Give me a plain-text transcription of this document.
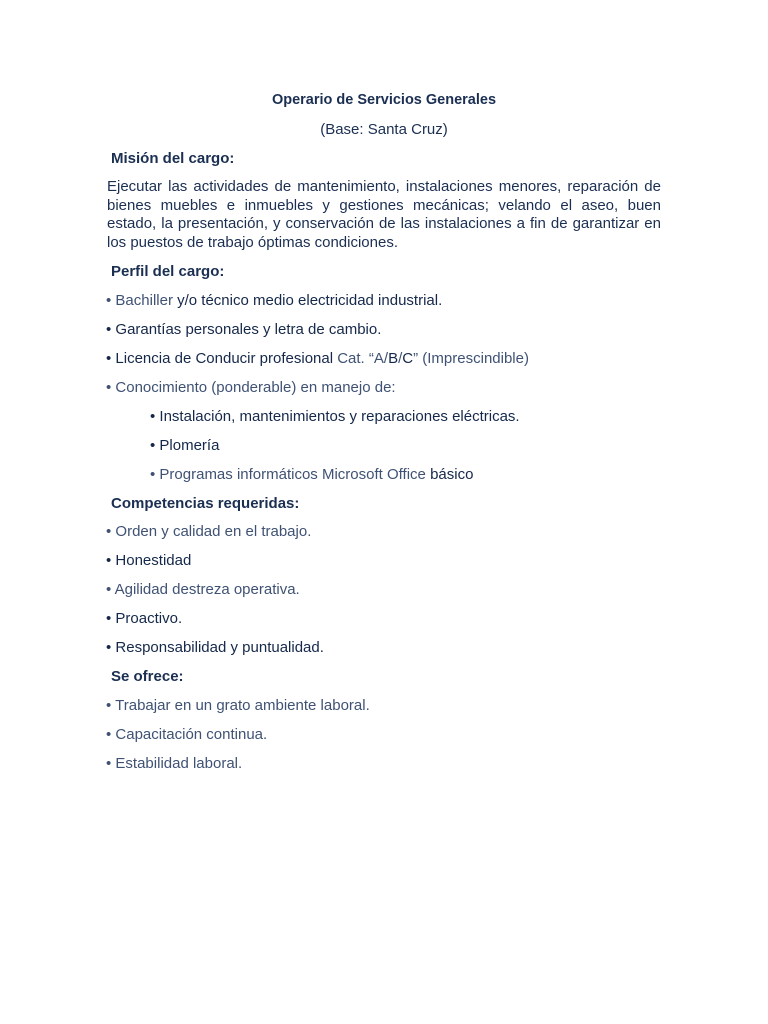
Operario de Servicios Generales
(Base: Santa Cruz)
Misión del cargo:
Ejecutar las actividades de mantenimiento, instalaciones menores, reparación de bienes muebles e inmuebles y gestiones mecánicas; velando el aseo, buen estado, la presentación, y conservación de las instalaciones a fin de garantizar en los puestos de trabajo óptimas condiciones.
Perfil del cargo:
• Bachiller y/o técnico medio electricidad industrial.
• Garantías personales y letra de cambio.
• Licencia de Conducir profesional Cat. “A/B/C” (Imprescindible)
• Conocimiento (ponderable) en manejo de:
• Instalación, mantenimientos y reparaciones eléctricas.
• Plomería
• Programas informáticos Microsoft Office básico
Competencias requeridas:
• Orden y calidad en el trabajo.
• Honestidad
• Agilidad destreza operativa.
• Proactivo.
• Responsabilidad y puntualidad.
Se ofrece:
• Trabajar en un grato ambiente laboral.
• Capacitación continua.
• Estabilidad laboral.
